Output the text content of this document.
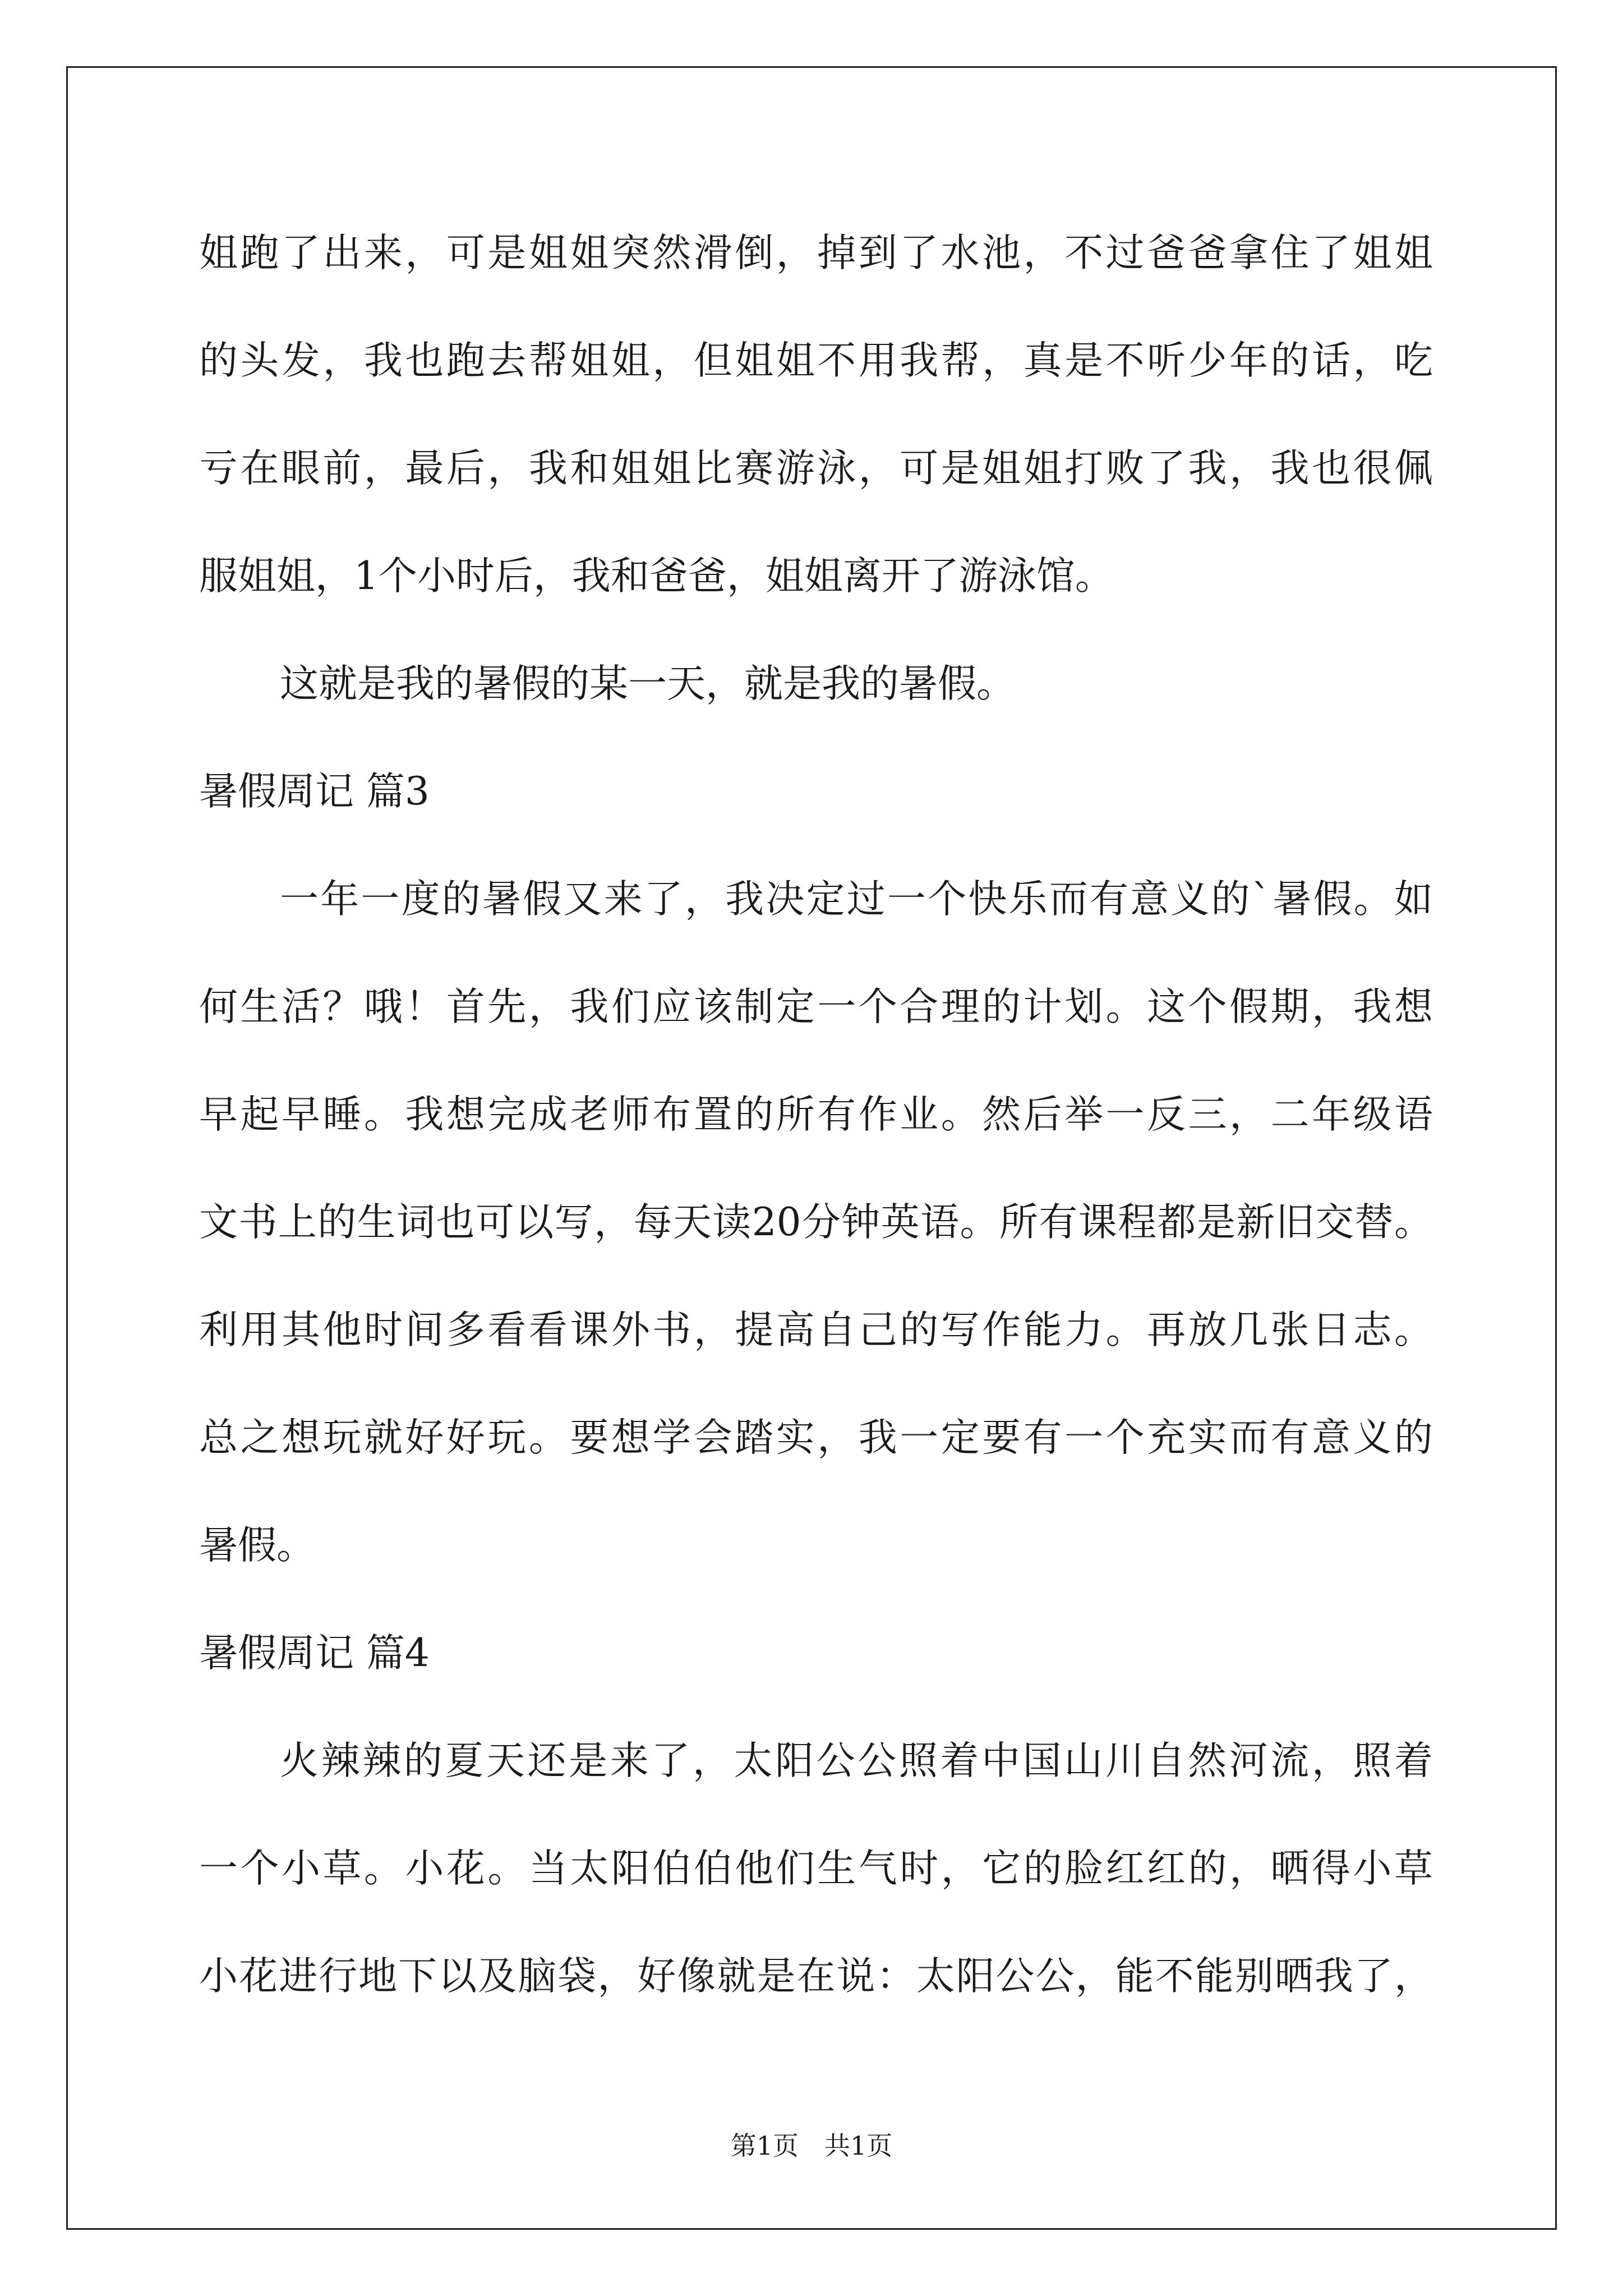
姐跑了出来，可是姐姐突然滑倒，掉到了水池，不过爸爸拿住了姐姐
的头发，我也跑去帮姐姐，但姐姐不用我帮，真是不听少年的话，吃
亏在眼前，最后，我和姐姐比赛游泳，可是姐姐打败了我，我也很佩
服姐姐，1个小时后，我和爸爸，姐姐离开了游泳馆。
这就是我的暑假的某一天，就是我的暑假。
暑假周记 篇3
一年一度的暑假又来了，我决定过一个快乐而有意义的`暑假。如
何生活？哦！首先，我们应该制定一个合理的计划。这个假期，我想
早起早睡。我想完成老师布置的所有作业。然后举一反三，二年级语
文书上的生词也可以写，每天读20分钟英语。所有课程都是新旧交替。
利用其他时间多看看课外书，提高自己的写作能力。再放几张日志。
总之想玩就好好玩。要想学会踏实，我一定要有一个充实而有意义的
暑假。
暑假周记 篇4
火辣辣的夏天还是来了，太阳公公照着中国山川自然河流，照着
一个小草。小花。当太阳伯伯他们生气时，它的脸红红的，晒得小草
小花进行地下以及脑袋，好像就是在说：太阳公公，能不能别晒我了，
第1页 共1页
